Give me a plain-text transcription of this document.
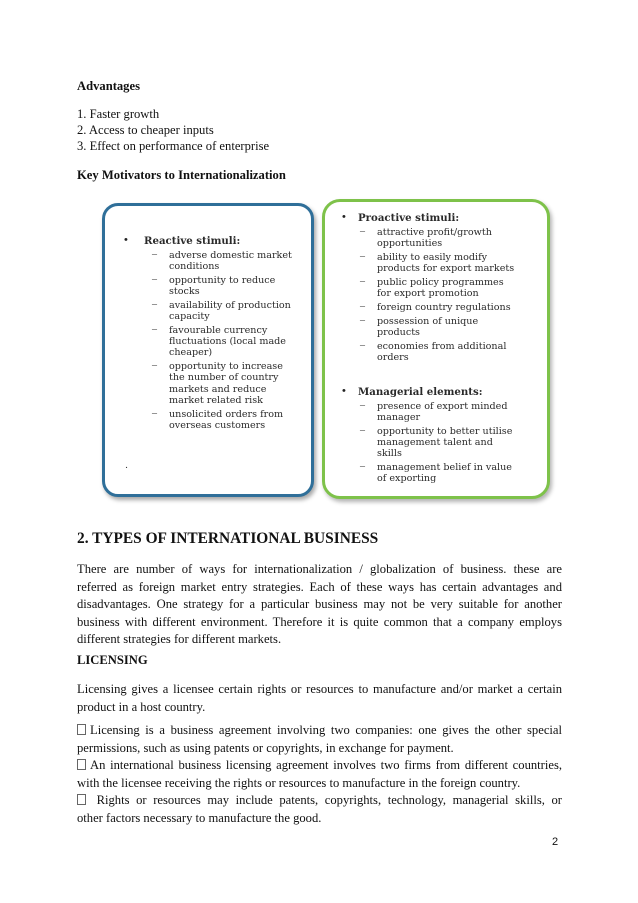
Advantages
1. Faster growth
2. Access to cheaper inputs
3. Effect on performance of enterprise
Key Motivators to Internationalization
• Reactive stimuli:
.
• Proactive stimuli:
• Managerial elements:
– adverse domestic market
conditions
– opportunity to reduce
stocks
– availability of production
capacity
– favourable currency
fluctuations (local made
cheaper)
– opportunity to increase
the number of country
markets and reduce
market related risk
– unsolicited orders from
overseas customers
– attractive profit/growth
opportunities
– ability to easily modify
products for export markets
– public policy programmes
for export promotion
– foreign country regulations
– possession of unique
products
– economies from additional
orders
– presence of export minded
manager
– opportunity to better utilise
management talent and
skills
– management belief in value
of exporting
2. TYPES OF INTERNATIONAL BUSINESS
There are number of ways for internationalization / globalization of business. these are
referred as foreign market entry strategies. Each of these ways has certain advantages and
disadvantages. One strategy for a particular business may not be very suitable for another
business with different environment. Therefore it is quite common that a company employs
different strategies for different markets.
LICENSING
Licensing gives a licensee certain rights or resources to manufacture and/or market a certain
product in a host country.
Licensing is a business agreement involving two companies: one gives the other special
permissions, such as using patents or copyrights, in exchange for payment.
An international business licensing agreement involves two firms from different countries,
with the licensee receiving the rights or resources to manufacture in the foreign country.
Rights or resources may include patents, copyrights, technology, managerial skills, or
other factors necessary to manufacture the good.
2
